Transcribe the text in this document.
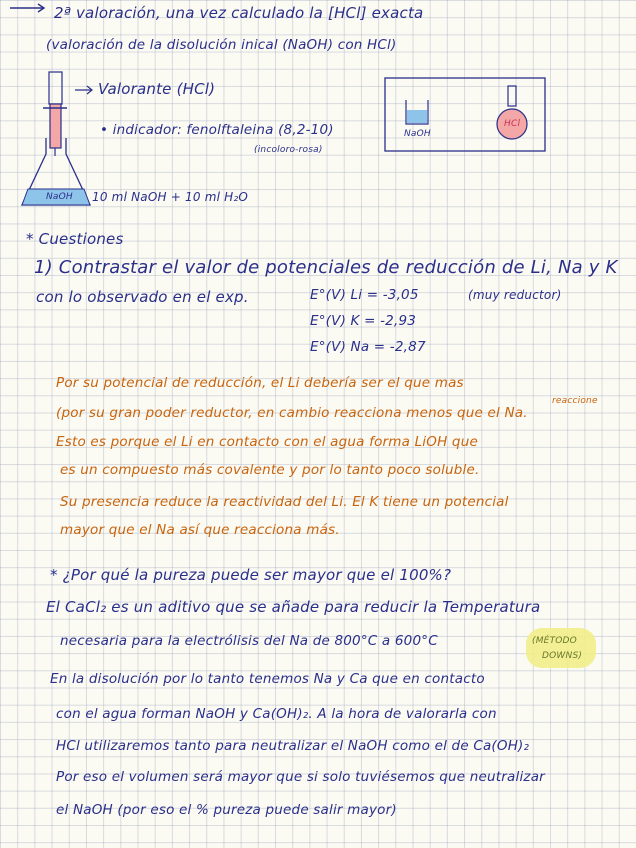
2ª valoración, una vez calculado la [HCl] exacta
(valoración de la disolución inical (NaOH) con HCl)
Valorante (HCl)
• indicador: fenolftaleina (8,2-10)
(incoloro-rosa)
NaOH 10 ml NaOH + 10 ml H₂O
NaOH
HCl
* Cuestiones
1) Contrastar el valor de potenciales de reducción de Li, Na y K
con lo observado en el exp.	E°(V) Li = -3,05	(muy reductor)
E°(V) K = -2,93
E°(V) Na = -2,87
Por su potencial de reducción, el Li debería ser el que mas
reaccione
(por su gran poder reductor, en cambio reacciona menos que el Na.
Esto es porque el Li en contacto con el agua forma LiOH que
es un compuesto más covalente y por lo tanto poco soluble.
Su presencia reduce la reactividad del Li. El K tiene un potencial
mayor que el Na así que reacciona más.
* ¿Por qué la pureza puede ser mayor que el 100%?
El CaCl₂ es un aditivo que se añade para reducir la Temperatura
necesaria para la electrólisis del Na de 800°C a 600°C	(MÉTODO
DOWNS)
En la disolución por lo tanto tenemos Na y Ca que en contacto
con el agua forman NaOH y Ca(OH)₂. A la hora de valorarla con
HCl utilizaremos tanto para neutralizar el NaOH como el de Ca(OH)₂
Por eso el volumen será mayor que si solo tuviésemos que neutralizar
el NaOH (por eso el % pureza puede salir mayor)
